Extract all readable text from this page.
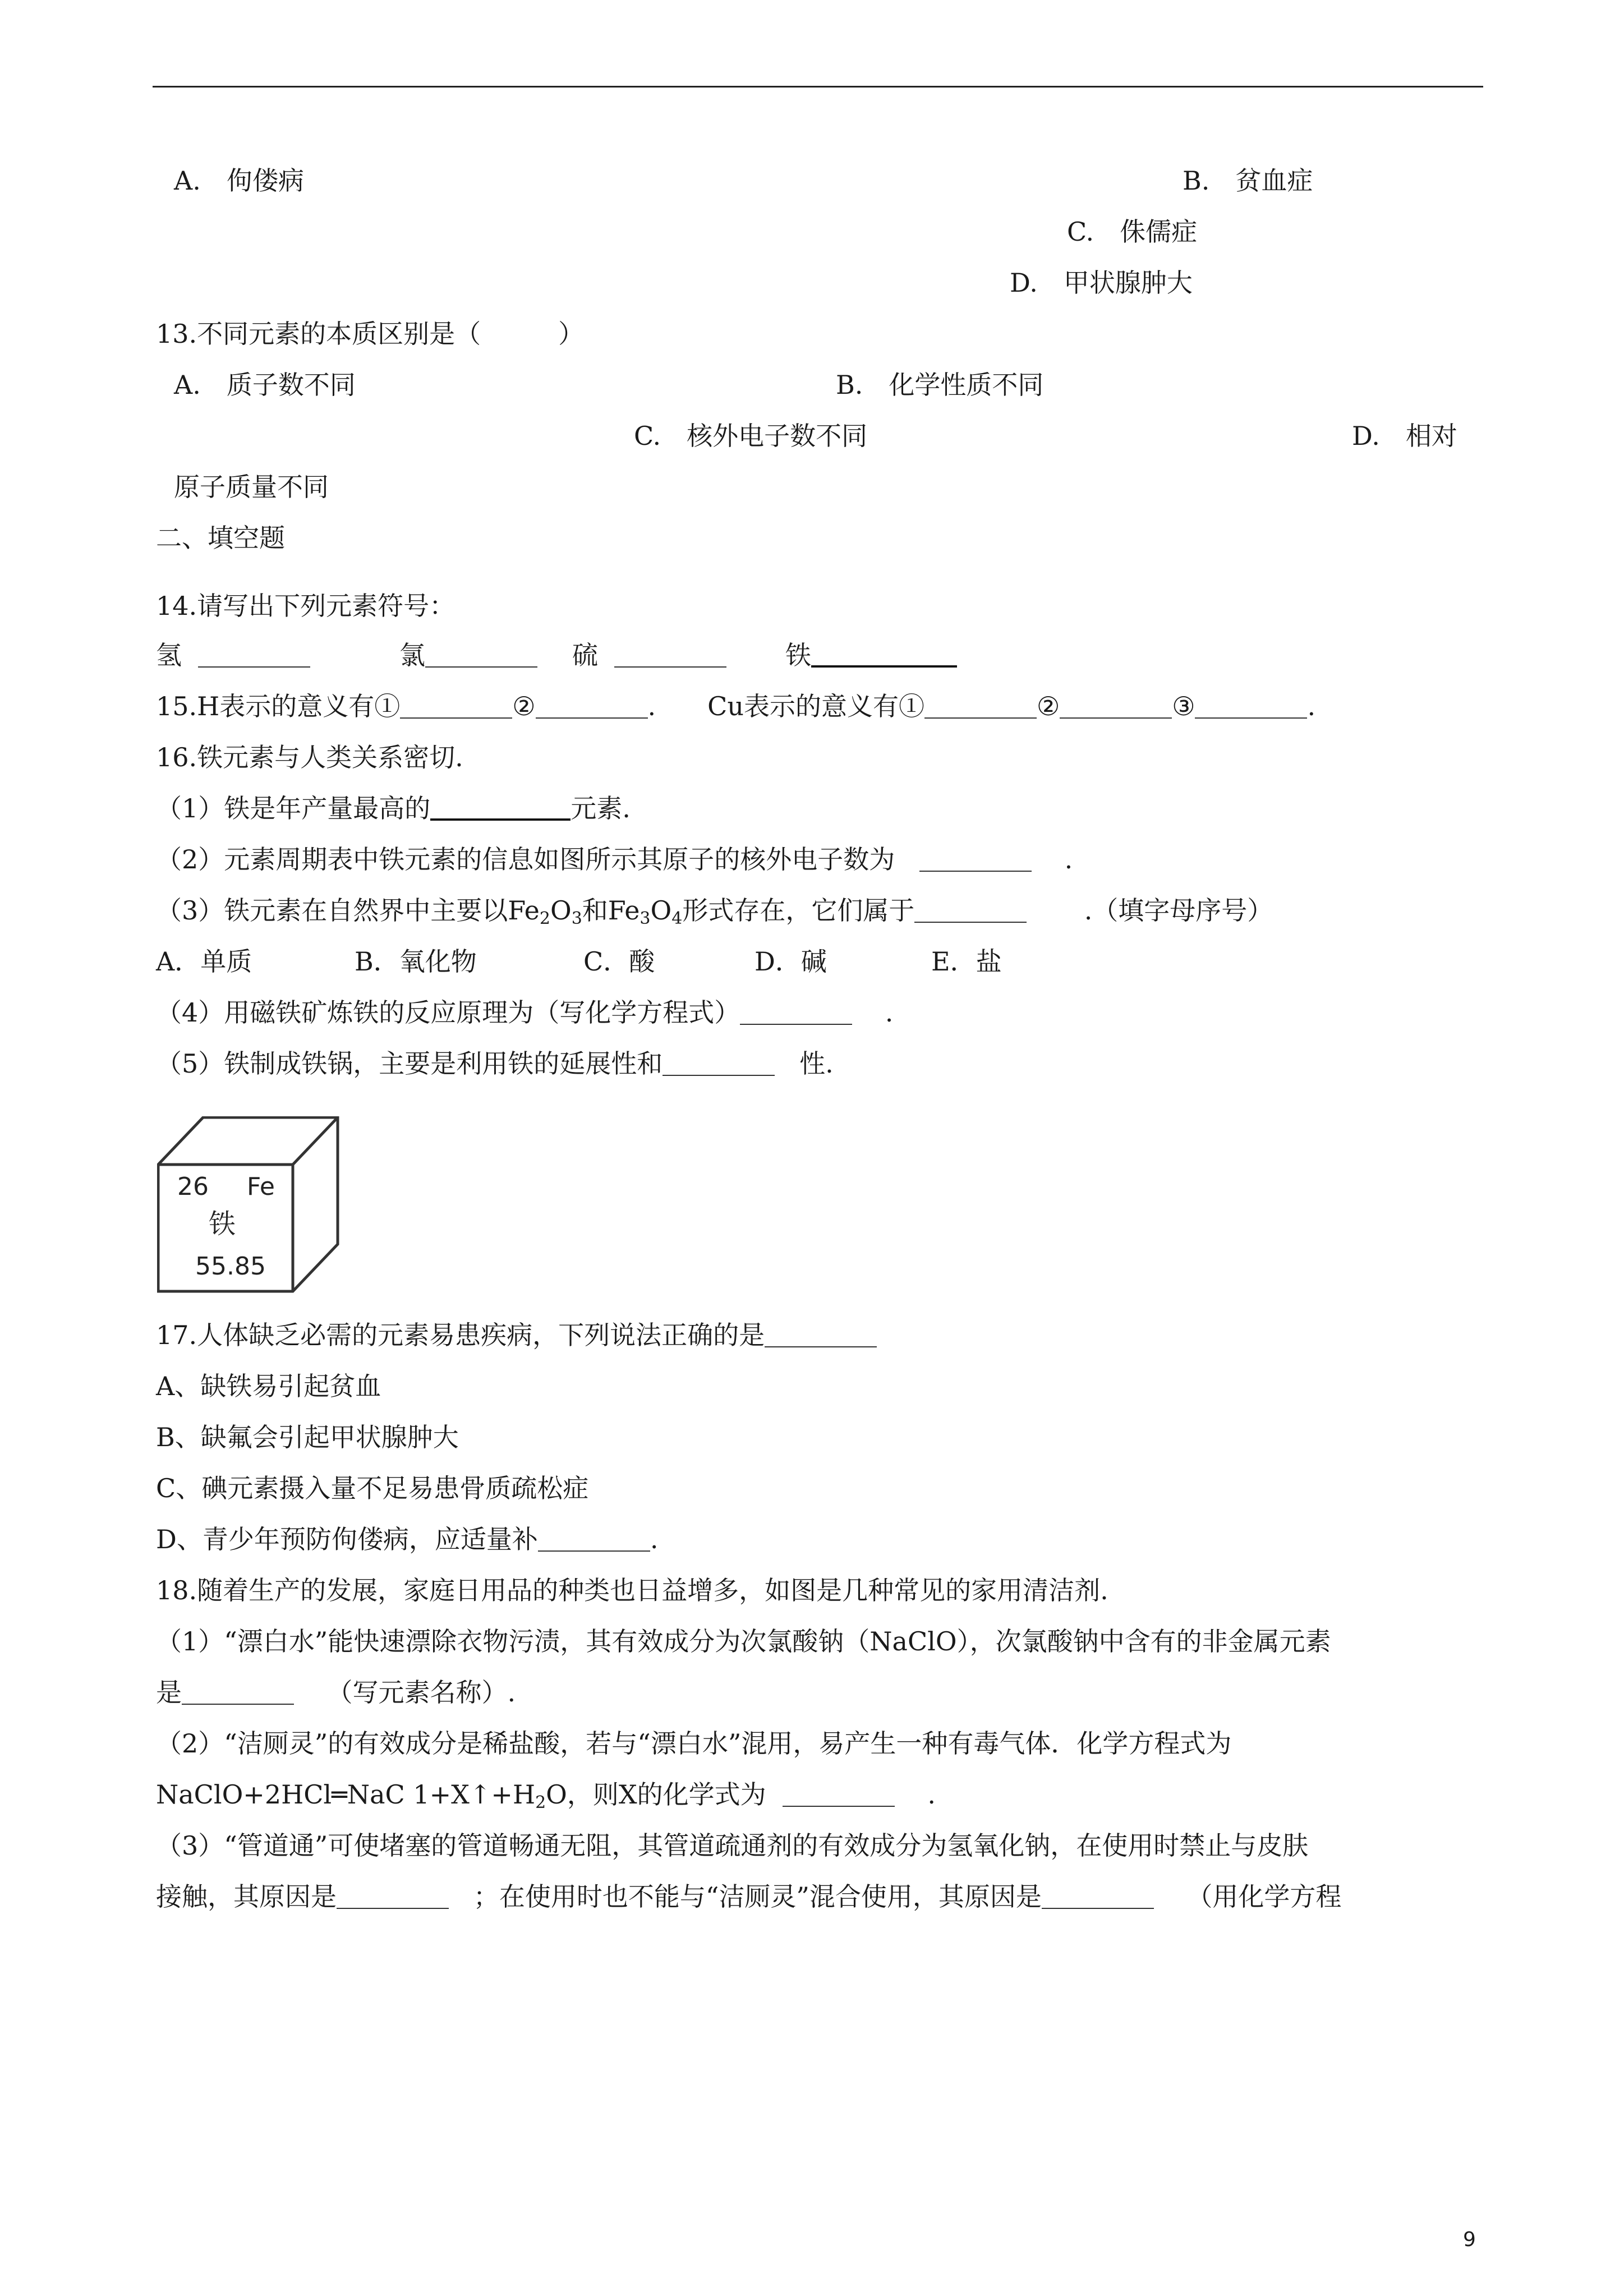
A.　佝偻病	B.　贫血症
C.　侏儒症
D.　甲状腺肿大
13.不同元素的本质区别是（　　　）
A.　质子数不同	B.　化学性质不同
C.　核外电子数不同	D.　相对
原子质量不同
二、填空题
14.请写出下列元素符号：
氢	氯	硫	铁
15.H表示的意义有①	②	.　　Cu表示的意义有①	②	③	.
16.铁元素与人类关系密切.
（1）铁是年产量最高的	元素.
（2）元素周期表中铁元素的信息如图所示其原子的核外电子数为	.
（3）铁元素在自然界中主要以$Fe_2O_3$和$Fe_3O_4$形式存在，它们属于	.（填字母序号）
A．单质	B．氧化物	C．酸	D．碱	E．盐
（4）用磁铁矿炼铁的反应原理为（写化学方程式）	.
（5）铁制成铁锅，主要是利用铁的延展性和	性.
26 Fe
铁
55.85
17.人体缺乏必需的元素易患疾病，下列说法正确的是
A、缺铁易引起贫血
B、缺氟会引起甲状腺肿大
C、碘元素摄入量不足易患骨质疏松症
D、青少年预防佝偻病，应适量补	.
18.随着生产的发展，家庭日用品的种类也日益增多，如图是几种常见的家用清洁剂.
（1）“漂白水”能快速漂除衣物污渍，其有效成分为次氯酸钠（NaClO），次氯酸钠中含有的非金属元素
是	（写元素名称）.
（2）“洁厕灵”的有效成分是稀盐酸，若与“漂白水”混用，易产生一种有毒气体．化学方程式为
NaClO+2HCl═NaC $1+X↑+H_2O$，则X的化学式为	.
（3）“管道通”可使堵塞的管道畅通无阻，其管道疏通剂的有效成分为氢氧化钠，在使用时禁止与皮肤
接触，其原因是	；在使用时也不能与“洁厕灵”混合使用，其原因是	（用化学方程
9
